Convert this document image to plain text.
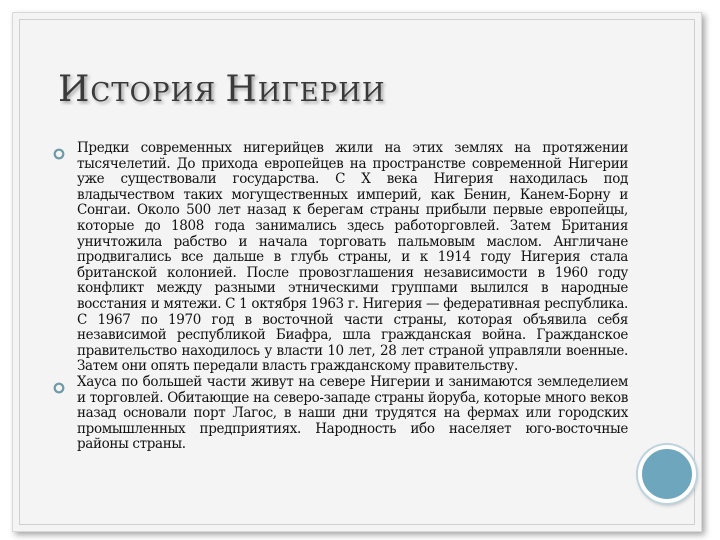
ИСТОРИЯ НИГЕРИИ

Предки современных нигерийцев жили на этих землях на протяжении тысячелетий. До прихода европейцев на пространстве современной Нигерии уже существовали государства. С X века Нигерия находилась под владычеством таких могущественных империй, как Бенин, Канем-Борну и Сонгаи. Около 500 лет назад к берегам страны прибыли первые европейцы, которые до 1808 года занимались здесь работорговлей. Затем Британия уничтожила рабство и начала торговать пальмовым маслом. Англичане продвигались все дальше в глубь страны, и к 1914 году Нигерия стала британской колонией. После провозглашения независимости в 1960 году конфликт между разными этническими группами вылился в народные восстания и мятежи. С 1 октября 1963 г. Нигерия — федеративная республика. С 1967 по 1970 год в восточной части страны, которая объявила себя независимой республикой Биафра, шла гражданская война. Гражданское правительство находилось у власти 10 лет, 28 лет страной управляли военные. Затем они опять передали власть гражданскому правительству.

Хауса по большей части живут на севере Нигерии и занимаются земледелием и торговлей. Обитающие на северо-западе страны йоруба, которые много веков назад основали порт Лагос, в наши дни трудятся на фермах или городских промышленных предприятиях. Народность ибо населяет юго-восточные районы страны.
